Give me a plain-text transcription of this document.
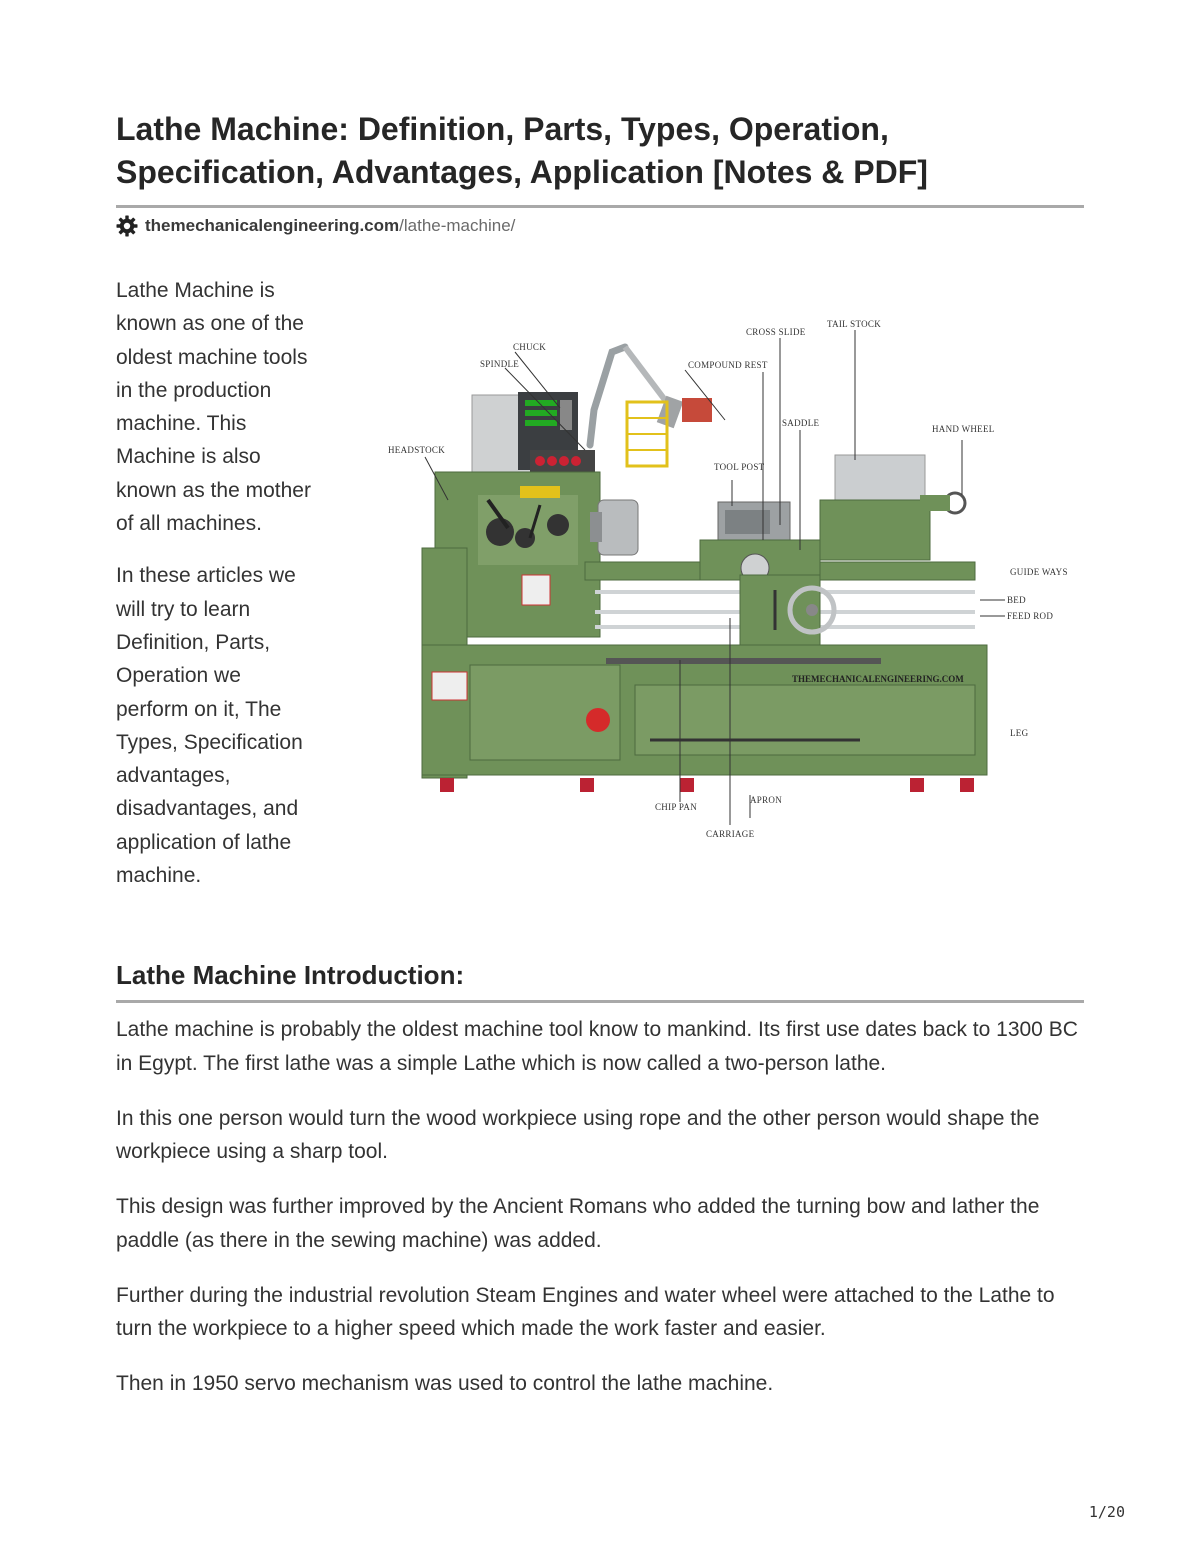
Lathe Machine: Definition, Parts, Types, Operation, Specification, Advantages, Application [Notes & PDF]
themechanicalengineering.com /lathe-machine/

Lathe Machine is known as one of the oldest machine tools in the production machine. This Machine is also known as the mother of all machines.

In these articles we will try to learn Definition, Parts, Operation we perform on it, The Types, Specification advantages, disadvantages, and application of lathe machine.

CHUCK
SPINDLE
HEADSTOCK
CROSS SLIDE
TAIL STOCK
COMPOUND REST
SADDLE
HAND WHEEL
TOOL POST
GUIDE WAYS
BED
FEED ROD
THEMECHANICALENGINEERING.COM
LEG
CHIP PAN
APRON
CARRIAGE
Lathe Machine Introduction:

Lathe machine is probably the oldest machine tool know to mankind. Its first use dates back to 1300 BC in Egypt. The first lathe was a simple Lathe which is now called a two-person lathe.

In this one person would turn the wood workpiece using rope and the other person would shape the workpiece using a sharp tool.

This design was further improved by the Ancient Romans who added the turning bow and lather the paddle (as there in the sewing machine) was added.

Further during the industrial revolution Steam Engines and water wheel were attached to the Lathe to turn the workpiece to a higher speed which made the work faster and easier.

Then in 1950 servo mechanism was used to control the lathe machine.

1/20
